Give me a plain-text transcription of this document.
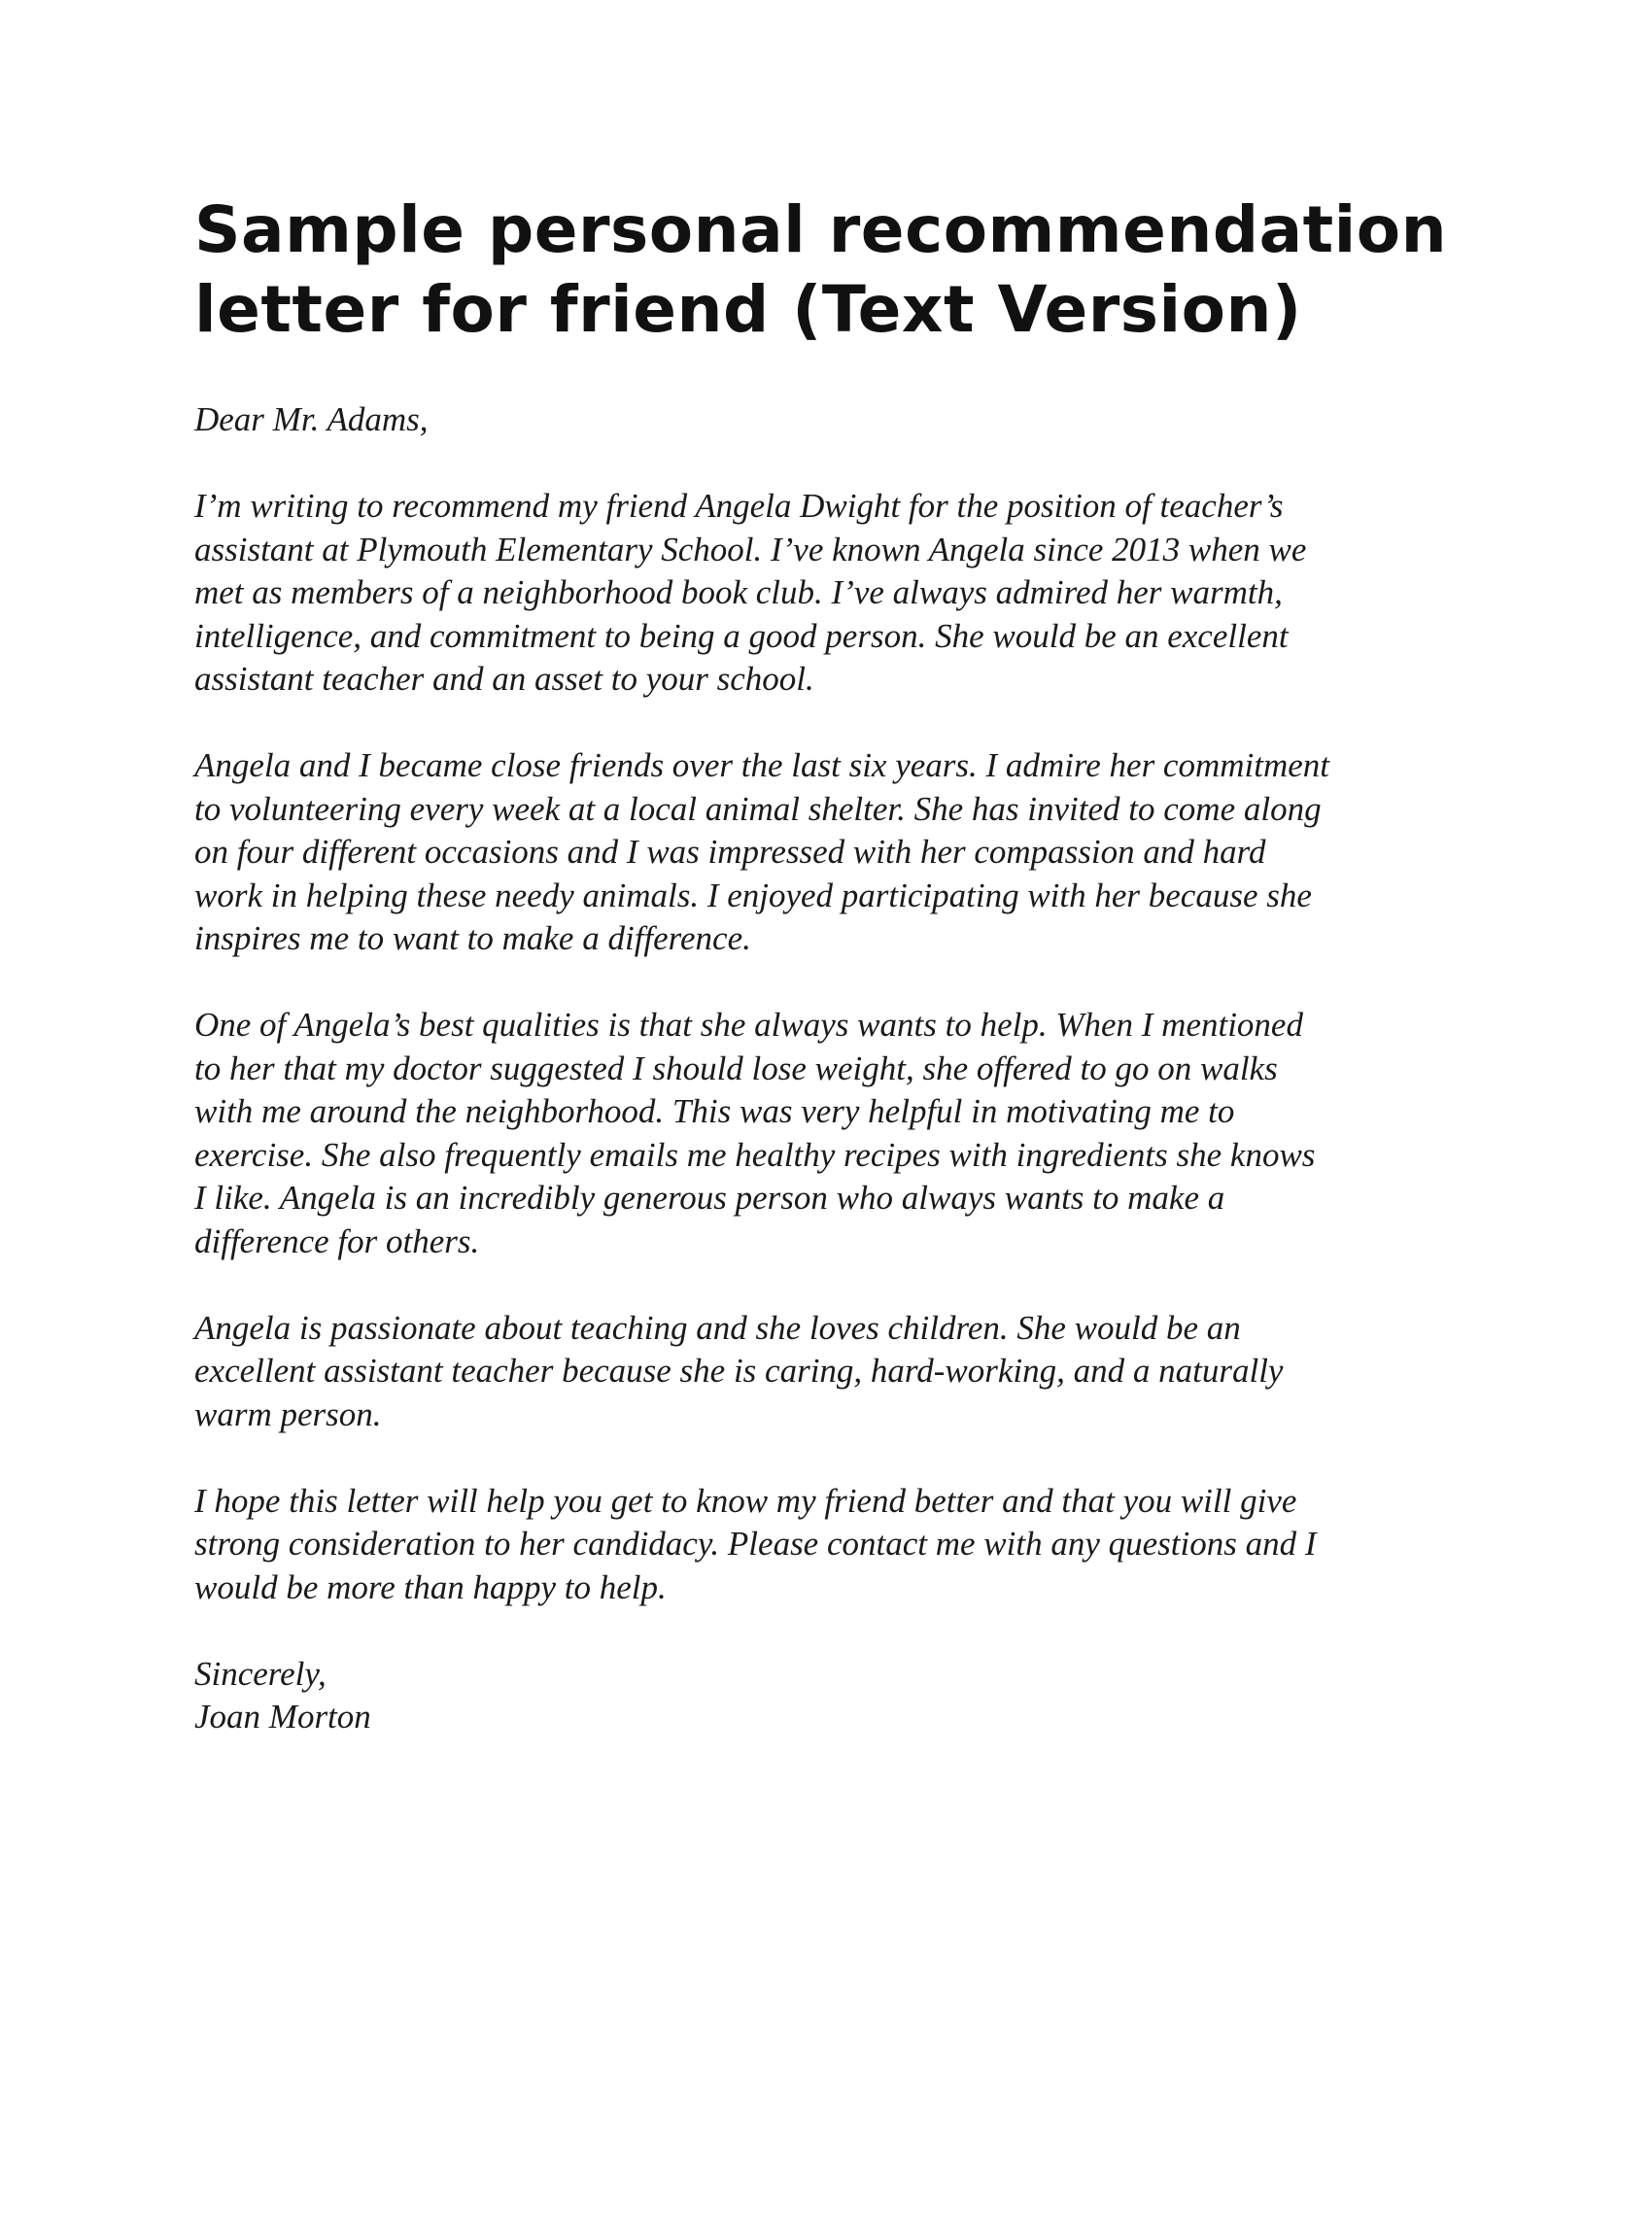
Sample personal recommendation
letter for friend (Text Version)

Dear Mr. Adams,

I’m writing to recommend my friend Angela Dwight for the position of teacher’s
assistant at Plymouth Elementary School. I’ve known Angela since 2013 when we
met as members of a neighborhood book club. I’ve always admired her warmth,
intelligence, and commitment to being a good person. She would be an excellent
assistant teacher and an asset to your school.

Angela and I became close friends over the last six years. I admire her commitment
to volunteering every week at a local animal shelter. She has invited to come along
on four different occasions and I was impressed with her compassion and hard
work in helping these needy animals. I enjoyed participating with her because she
inspires me to want to make a difference.

One of Angela’s best qualities is that she always wants to help. When I mentioned
to her that my doctor suggested I should lose weight, she offered to go on walks
with me around the neighborhood. This was very helpful in motivating me to
exercise. She also frequently emails me healthy recipes with ingredients she knows
I like. Angela is an incredibly generous person who always wants to make a
difference for others.

Angela is passionate about teaching and she loves children. She would be an
excellent assistant teacher because she is caring, hard-working, and a naturally
warm person.

I hope this letter will help you get to know my friend better and that you will give
strong consideration to her candidacy. Please contact me with any questions and I
would be more than happy to help.

Sincerely,
Joan Morton
